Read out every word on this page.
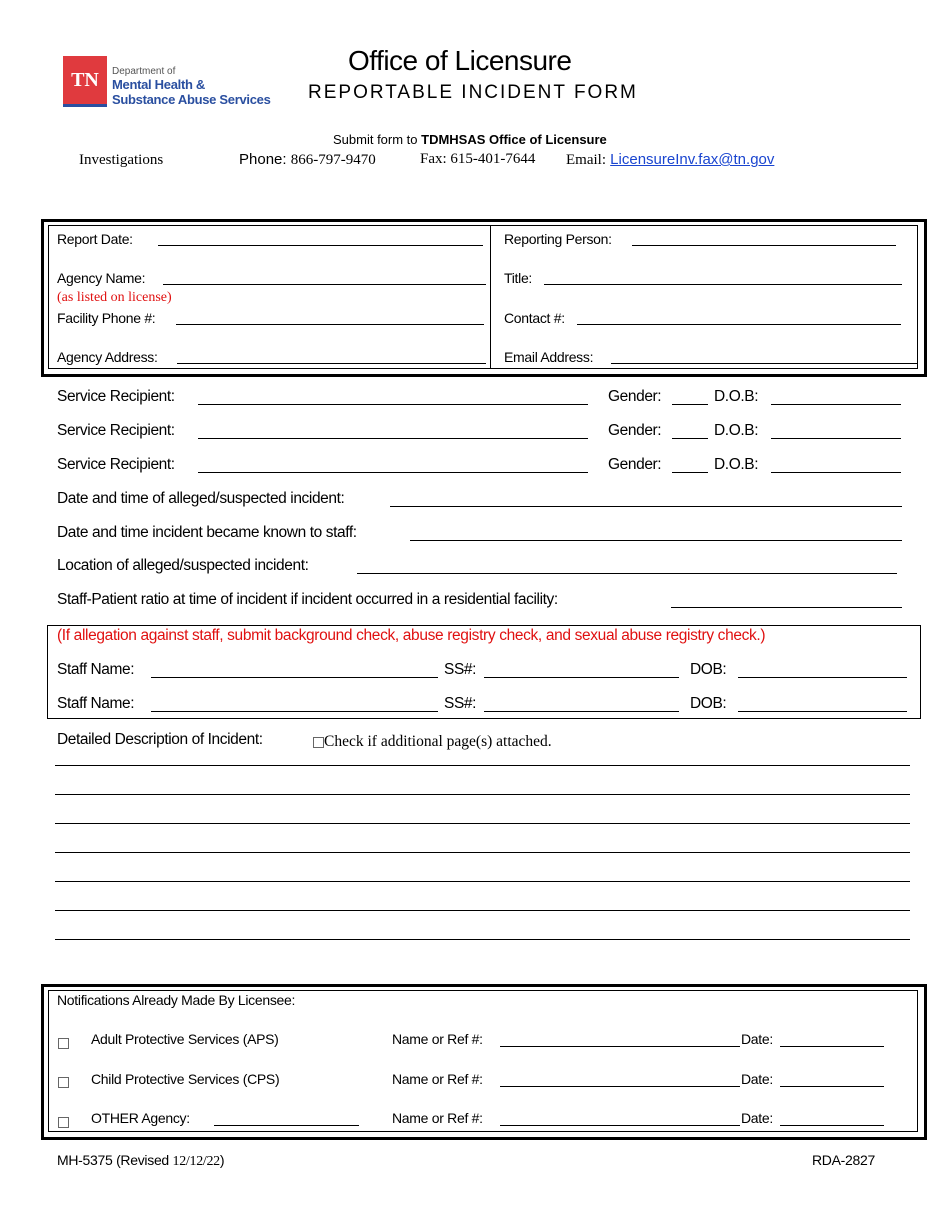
TN Department of
Mental Health &
Substance Abuse Services
Office of Licensure
REPORTABLE INCIDENT FORM
Submit form to TDMHSAS Office of Licensure
Investigations	Phone: 866-797-9470	Fax: 615-401-7644 Email: LicensureInv.fax@tn.gov
Report Date:
Agency Name:
(as listed on license)
Facility Phone #:
Agency Address:
Reporting Person:
Title:
Contact #:
Email Address:
Service Recipient:	Gender:	D.O.B:
Service Recipient:	Gender:	D.O.B:
Service Recipient:	Gender:	D.O.B:
Date and time of alleged/suspected incident:
Date and time incident became known to staff:
Location of alleged/suspected incident:
Staff-Patient ratio at time of incident if incident occurred in a residential facility:
(If allegation against staff, submit background check, abuse registry check, and sexual abuse registry check.)
Staff Name:	SS#:	DOB:
Staff Name:	SS#:	DOB:
Detailed Description of Incident:	Check if additional page(s) attached.
Notifications Already Made By Licensee:
Adult Protective Services (APS)	Name or Ref #:	Date:
Child Protective Services (CPS)	Name or Ref #:	Date:
OTHER Agency:	Name or Ref #:	Date:
MH-5375 (Revised 12/12/22)	RDA-2827
